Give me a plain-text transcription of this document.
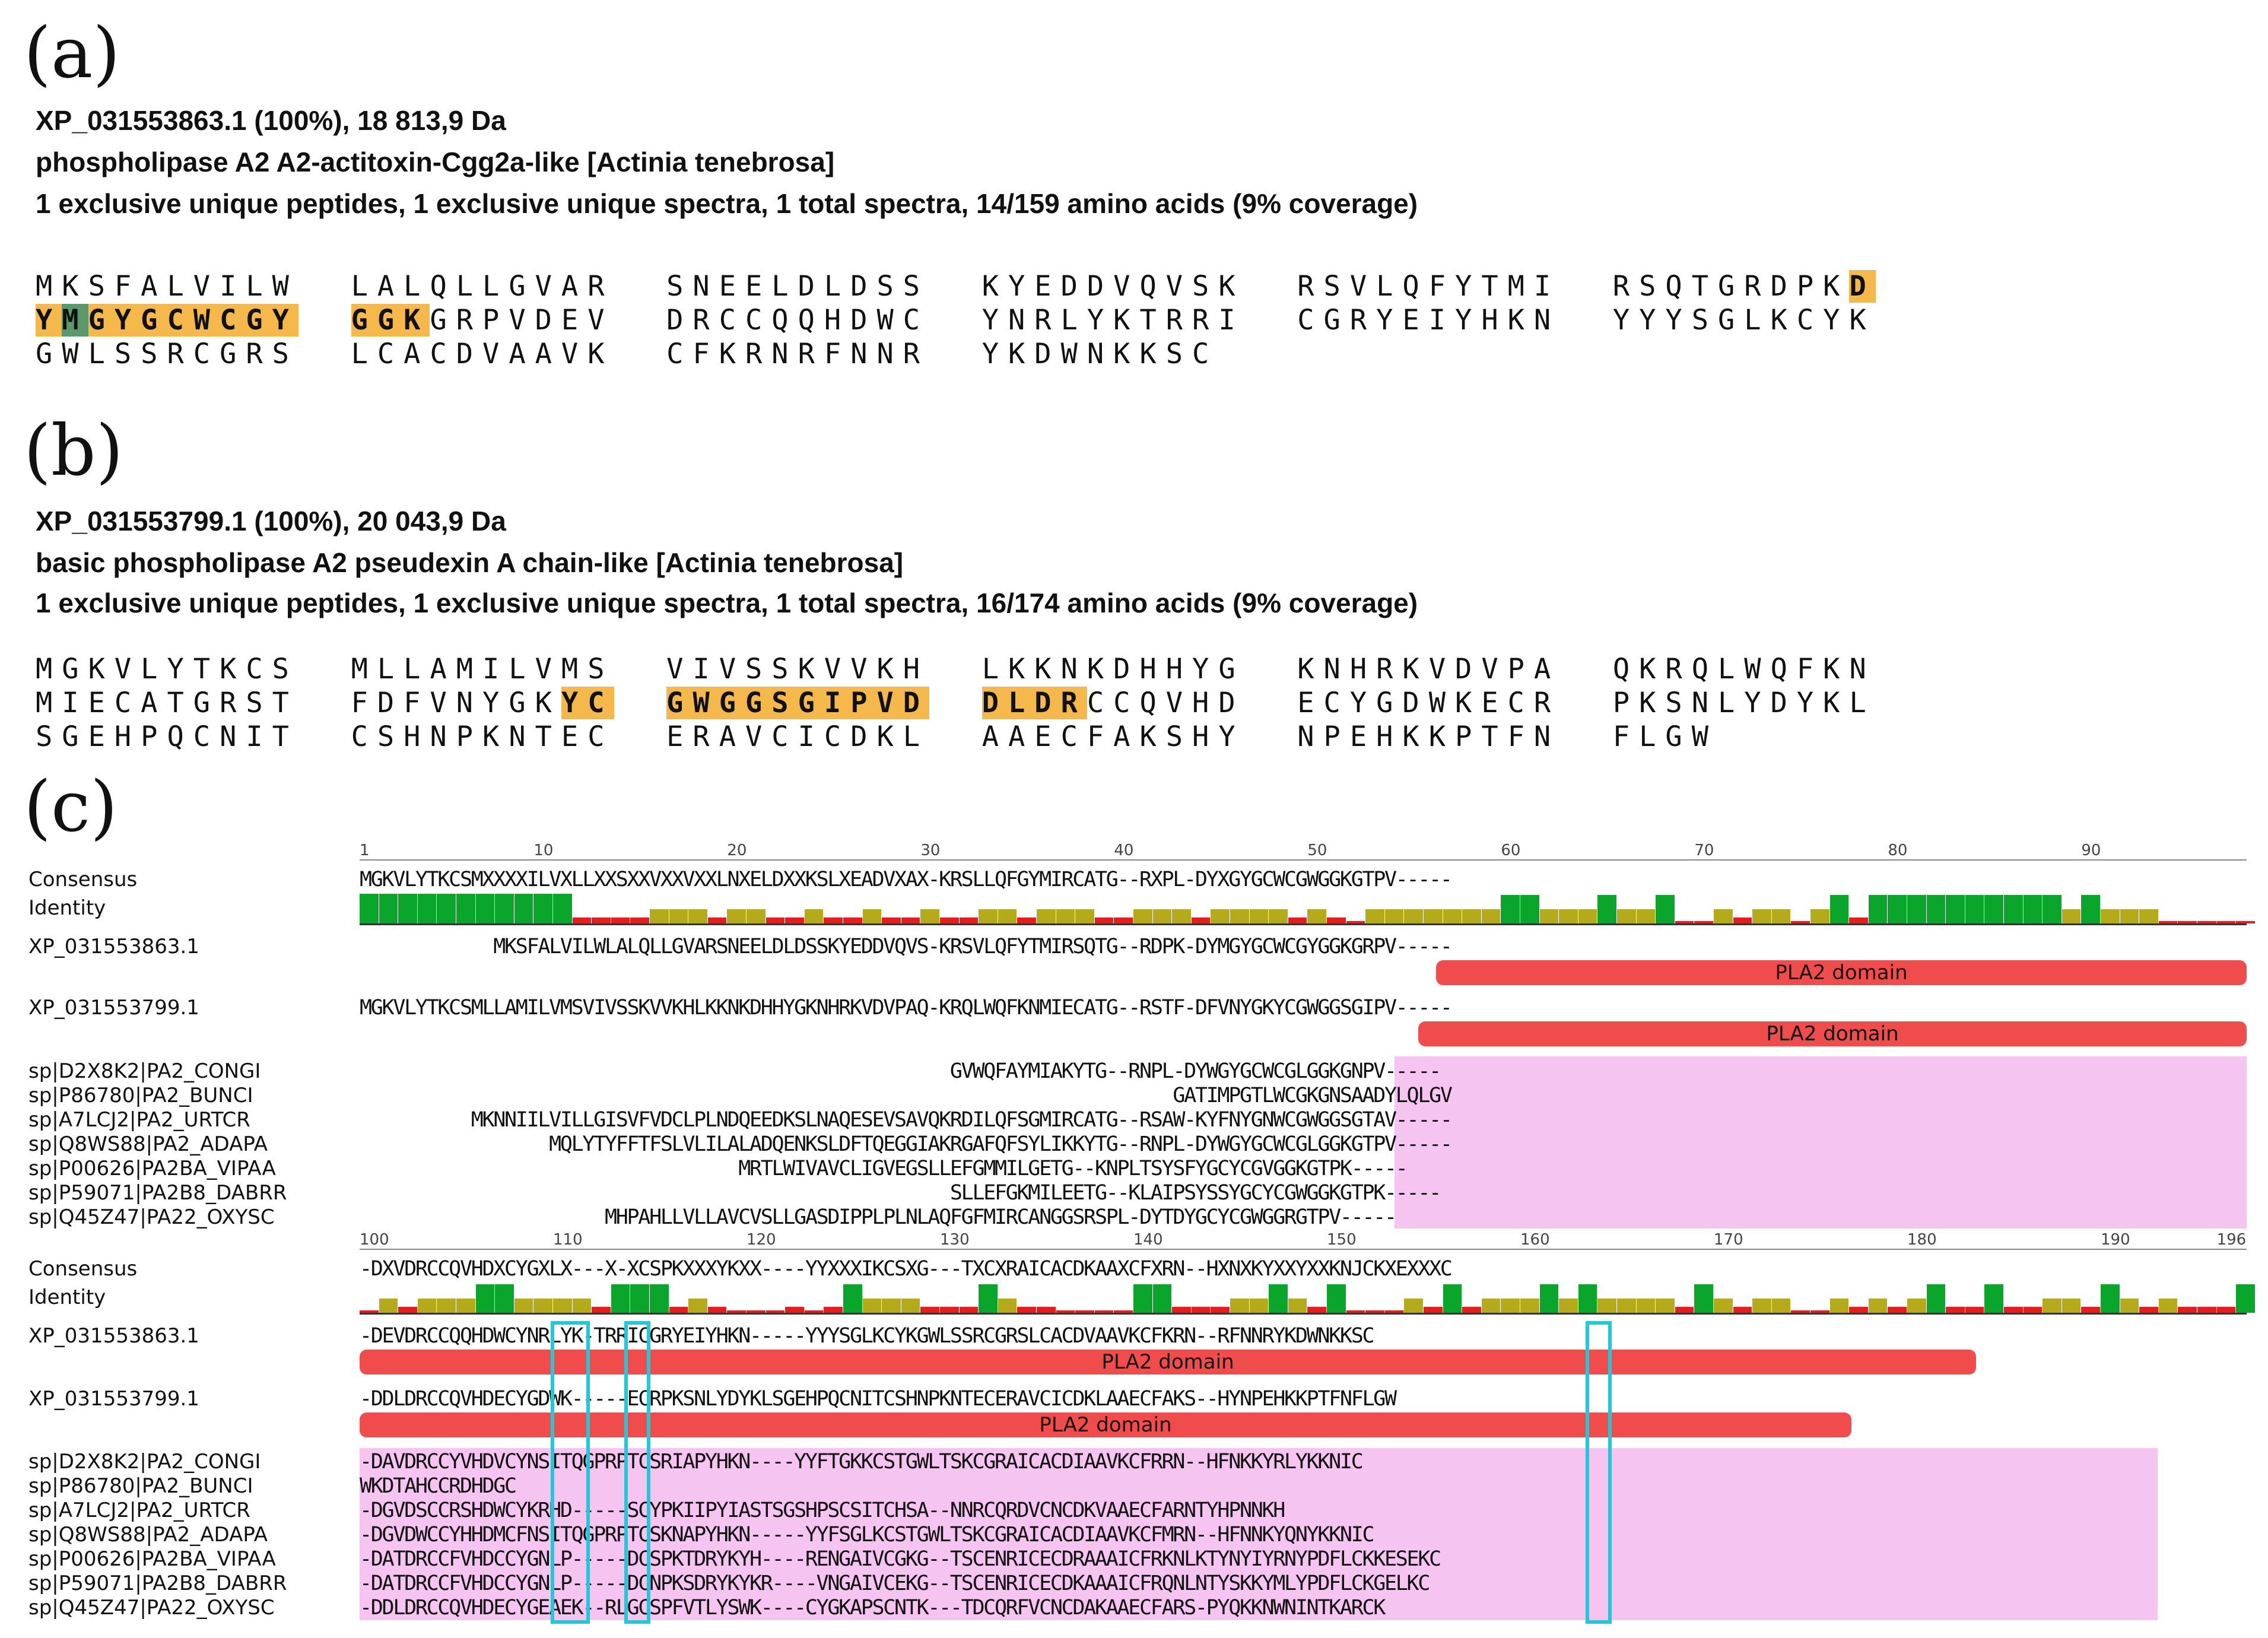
(a)
XP_031553863.1 (100%), 18 813,9 Da
phospholipase A2 A2-actitoxin-Cgg2a-like [Actinia tenebrosa]
1 exclusive unique peptides, 1 exclusive unique spectra, 1 total spectra, 14/159 amino acids (9% coverage)
MKSFALVILW LALQLLGVAR SNEELDLDSS KYEDDVQVSK RSVLQFYTMI  RSQTGRDPKD
YMGYGCWCGY GGKGRPVDEV  DRCCQQHDWC YNRLYKTRRI CGRYEIYHKN YYYSGLKCYK
GWLSSRCGRS LCACDVAAVK CFKRNRFNNR YKDWNKKSC
(b)
XP_031553799.1 (100%), 20 043,9 Da
basic phospholipase A2 pseudexin A chain-like [Actinia tenebrosa]
1 exclusive unique peptides, 1 exclusive unique spectra, 1 total spectra, 16/174 amino acids (9% coverage)
MGKVLYTKCS MLLAMILVMS VIVSSKVVKH LKKNKDHHYG KNHRKVDVPA QKRQLWQFKN
MIECATGRST  FDFVNYGKYC GWGGSGIPVD DLDRCCQVHD  ECYGDWKECR PKSNLYDYKL
SGEHPQCNIT CSHNPKNTEC ERAVCICDKL AAECFAKSHY NPEHKKPTFN FLGW
(c)
1	10	20	30	40	50	60	70	80	90
Consensus
Identity
MGKVLYTKCSMXXXXILVXLLXXSXXVXXVXXLNXELDXXKSLXEADVXAX-KRSLLQFGYMIRCATG--RXPL-DYXGYGCWCGWGGKGTPV-----
XP_031553863.1	MKSFALVILWLALQLLGVARSNEELDLDSSKYEDDVQVS-KRSVLQFYTMIRSQTG--RDPK-DYMGYGCWCGYGGKGRPV-----
PLA2 domain
XP_031553799.1	MGKVLYTKCSMLLAMILVMSVIVSSKVVKHLKKNKDHHYGKNHRKVDVPAQ-KRQLWQFKNMIECATG--RSTF-DFVNYGKYCGWGGSGIPV-----
PLA2 domain
sp|D2X8K2|PA2_CONGI	GVWQFAYMIAKYTG--RNPL-DYWGYGCWCGLGGKGNPV-----
sp|P86780|PA2_BUNCI	GATIMPGTLWCGKGNSAADYLQLGV
sp|A7LCJ2|PA2_URTCR	MKNNIILVILLGISVFVDCLPLNDQEEDKSLNAQESEVSAVQKRDILQFSGMIRCATG--RSAW-KYFNYGNWCGWGGSGTAV-----
sp|Q8WS88|PA2_ADAPA	MQLYTYFFTFSLVLILALADQENKSLDFTQEGGIAKRGAFQFSYLIKKYTG--RNPL-DYWGYGCWCGLGGKGTPV-----
sp|P00626|PA2BA_VIPAA	MRTLWIVAVCLIGVEGSLLEFGMMILGETG--KNPLTSYSFYGCYCGVGGKGTPK-----
sp|P59071|PA2B8_DABRR	SLLEFGKMILEETG--KLAIPSYSSYGCYCGWGGKGTPK-----
sp|Q45Z47|PA22_OXYSC	MHPAHLLVLLAVCVSLLGASDIPPLPLNLAQFGFMIRCANGGSRSPL-DYTDYGCYCGWGGRGTPV-----
100	110	120	130	140	150	160	170	180	190	196
Consensus
Identity
-DXVDRCCQVHDXCYGXLX---X-XCSPKXXXYKXX----YYXXXIKCSXG---TXCXRAICACDKAAXCFXRN--HXNXKYXXYXXKNJCKXEXXXC
XP_031553863.1	-DEVDRCCQQHDWCYNRLYK-TRRICGRYEIYHKN-----YYYSGLKCYKGWLSSRCGRSLCACDVAAVKCFKRN--RFNNRYKDWNKKSC
PLA2 domain
XP_031553799.1	-DDLDRCCQVHDECYGDWK-----ECRPKSNLYDYKLSGEHPQCNITCSHNPKNTECERAVCICDKLAAECFAKS--HYNPEHKKPTFNFLGW
PLA2 domain
sp|D2X8K2|PA2_CONGI	-DAVDRCCYVHDVCYNSITQGPRPTCSRIAPYHKN----YYFTGKKCSTGWLTSKCGRAICACDIAAVKCFRRN--HFNKKYRLYKKNIC
sp|P86780|PA2_BUNCI	WKDTAHCCRDHDGC
sp|A7LCJ2|PA2_URTCR	-DGVDSCCRSHDWCYKRHD-----SCYPKIIPYIASTSGSHPSCSITCHSA--NNRCQRDVCNCDKVAAECFARNTYHPNNKH
sp|Q8WS88|PA2_ADAPA	-DGVDWCCYHHDMCFNSITQGPRPTCSKNAPYHKN-----YYFSGLKCSTGWLTSKCGRAICACDIAAVKCFMRN--HFNNKYQNYKKNIC
sp|P00626|PA2BA_VIPAA	-DATDRCCFVHDCCYGNLP-----DCSPKTDRYKYH----RENGAIVCGKG--TSCENRICECDRAAAICFRKNLKTYNYIYRNYPDFLCKKESEKC
sp|P59071|PA2B8_DABRR	-DATDRCCFVHDCCYGNLP-----DCNPKSDRYKYKR----VNGAIVCEKG--TSCENRICECDKAAAICFRQNLNTYSKKYMLYPDFLCKGELKC
sp|Q45Z47|PA22_OXYSC	-DDLDRCCQVHDECYGEAEK--RLGCSPFVTLYSWK----CYGKAPSCNTK---TDCQRFVCNCDAKAAECFARS-PYQKKNWNINTKARCK
